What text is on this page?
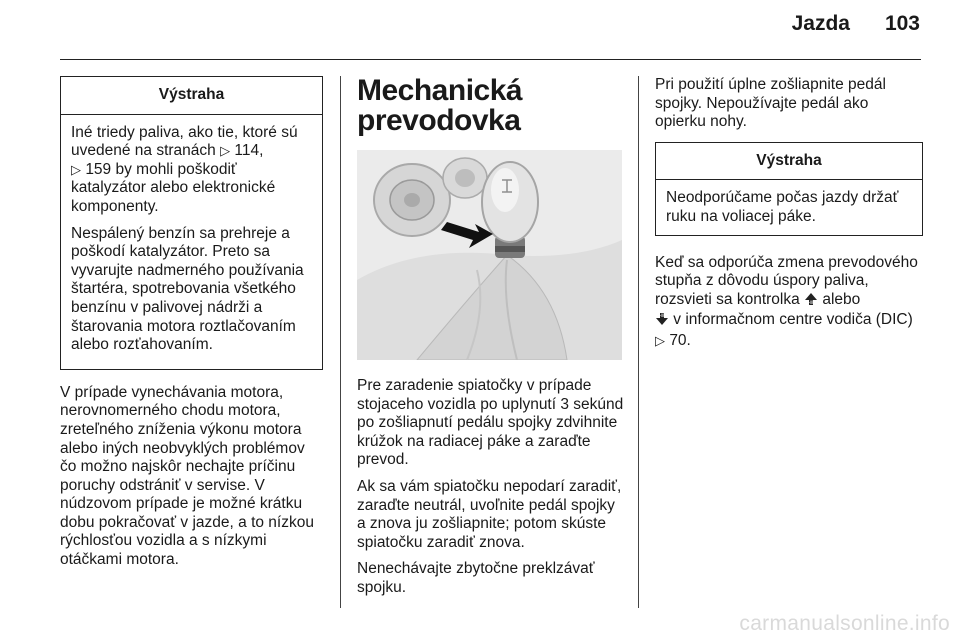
Jazda	103
Výstraha

Iné triedy paliva, ako tie, ktoré sú uvedené na stranách ▷ 114,
▷ 159 by mohli poškodiť katalyzátor alebo elektronické komponenty.

Nespálený benzín sa prehreje a poškodí katalyzátor. Preto sa vyvarujte nadmerného používania štartéra, spotrebovania všetkého benzínu v palivovej nádrži a štarovania motora roztlačovaním alebo rozťahovaním.

V prípade vynechávania motora, nerovnomerného chodu motora, zreteľného zníženia výkonu motora alebo iných neobvyklých problémov čo možno najskôr nechajte príčinu poruchy odstrániť v servise. V núdzovom prípade je možné krátku dobu pokračovať v jazde, a to nízkou rýchlosťou vozidla a s nízkymi otáčkami motora.

Mechanická
prevodovka

Pre zaradenie spiatočky v prípade stojaceho vozidla po uplynutí 3 sekúnd po zošliapnutí pedálu spojky zdvihnite krúžok na radiacej páke a zaraďte prevod.

Ak sa vám spiatočku nepodarí zaradiť, zaraďte neutrál, uvoľnite pedál spojky a znova ju zošliapnite; potom skúste spiatočku zaradiť znova.

Nenechávajte zbytočne preklzávať spojku.

Pri použití úplne zošliapnite pedál spojky. Nepoužívajte pedál ako opierku nohy.

Výstraha

Neodporúčame počas jazdy držať ruku na voliacej páke.

Keď sa odporúča zmena prevodového stupňa z dôvodu úspory paliva, rozsvieti sa kontrolka SHIFT alebo

SHIFT v informačnom centre vodiča (DIC) ▷ 70.

carmanualsonline.info
